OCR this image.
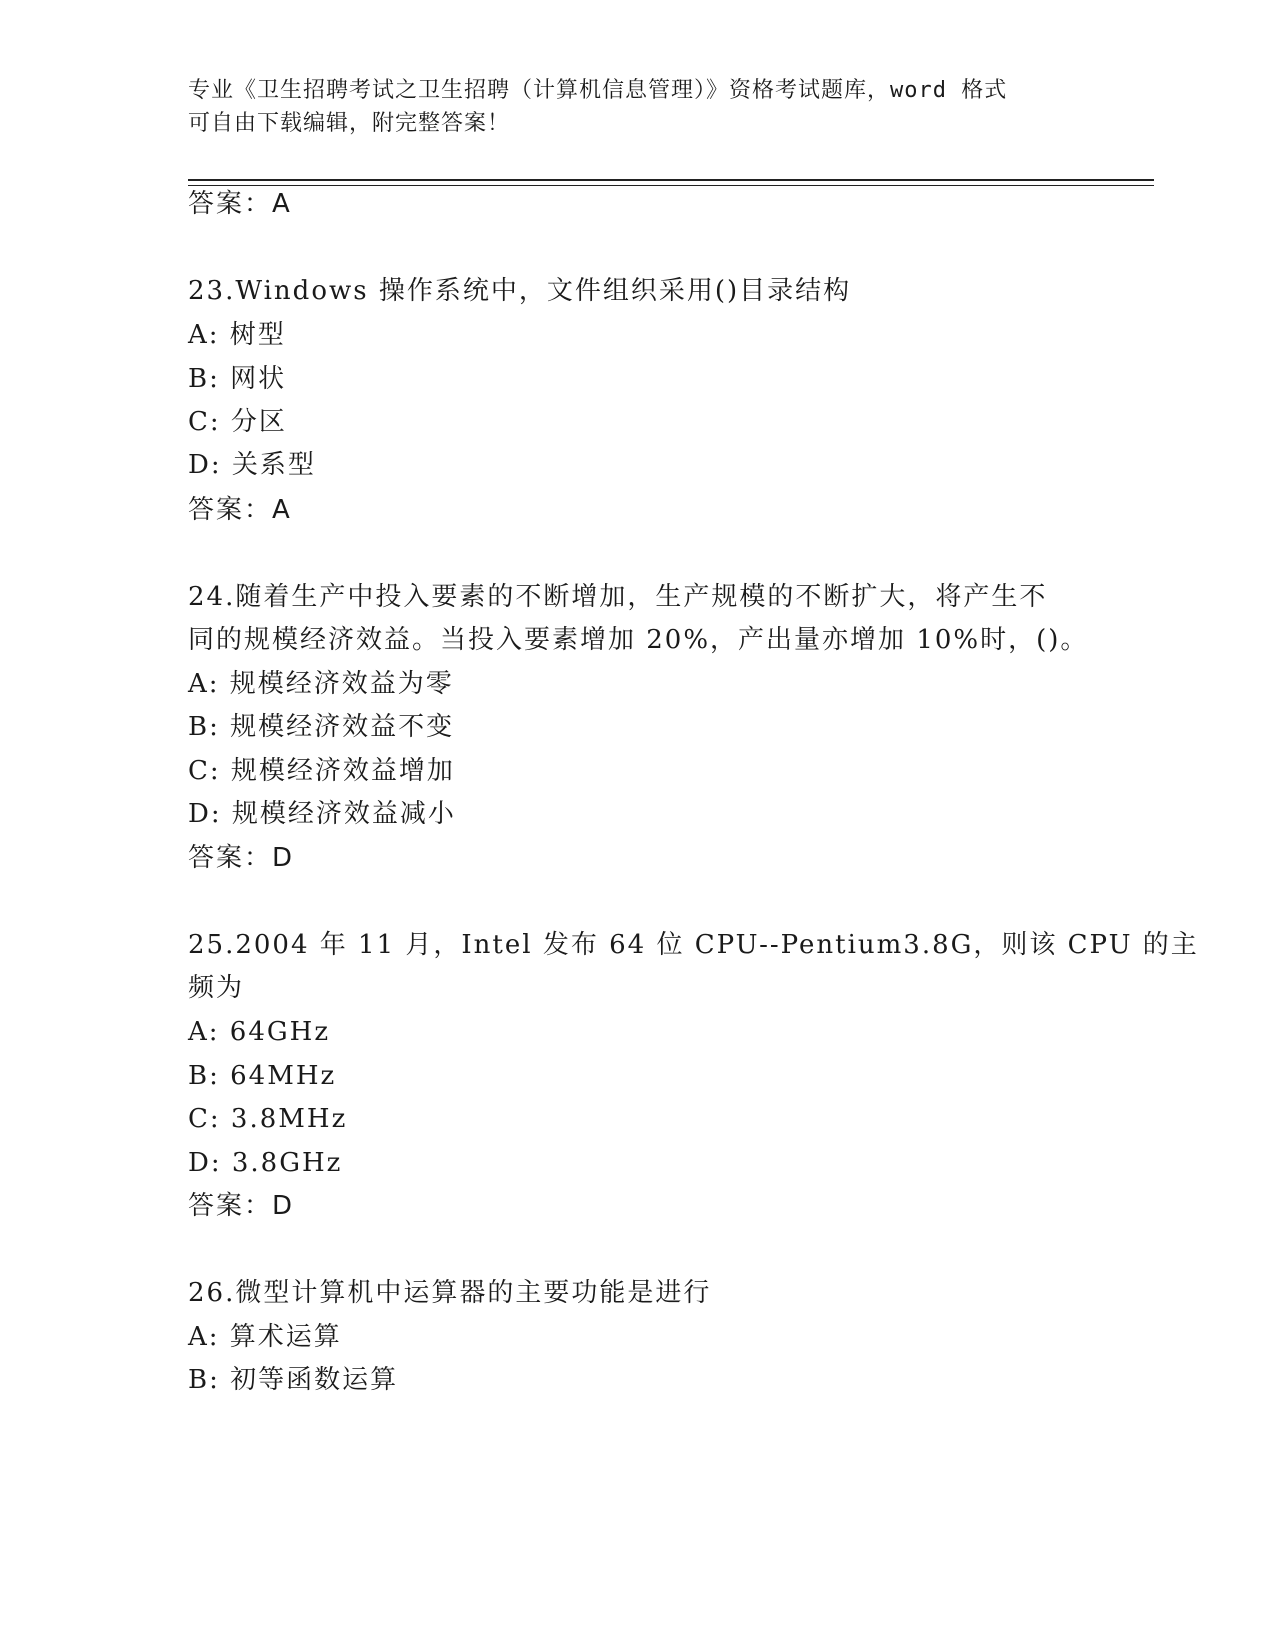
专业《卫生招聘考试之卫生招聘（计算机信息管理）》资格考试题库，word 格式
可自由下载编辑，附完整答案！
答案：A
23.Windows 操作系统中，文件组织采用()目录结构
A: 树型
B: 网状
C: 分区
D: 关系型
答案：A
24.随着生产中投入要素的不断增加，生产规模的不断扩大，将产生不
同的规模经济效益。当投入要素增加 20%，产出量亦增加 10%时，()。
A: 规模经济效益为零
B: 规模经济效益不变
C: 规模经济效益增加
D: 规模经济效益减小
答案：D
25.2004 年 11 月，Intel 发布 64 位 CPU--Pentium3.8G，则该 CPU 的主
频为
A: 64GHz
B: 64MHz
C: 3.8MHz
D: 3.8GHz
答案：D
26.微型计算机中运算器的主要功能是进行
A: 算术运算
B: 初等函数运算
